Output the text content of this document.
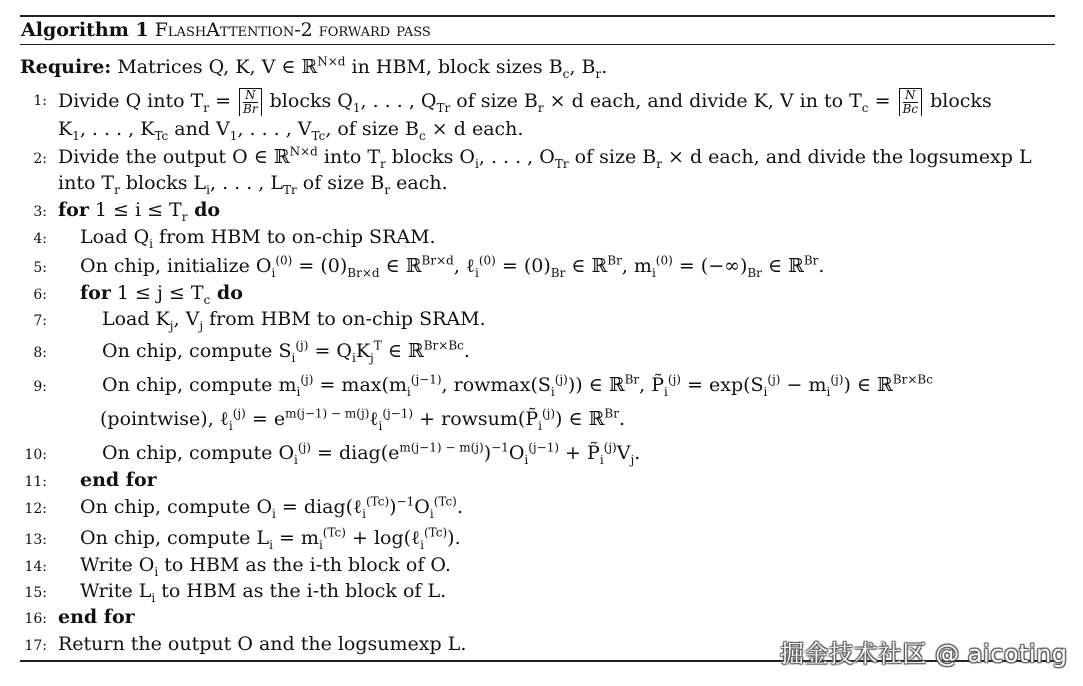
Algorithm 1 FlashAttention-2 forward pass
Require: Matrices Q, K, V ∈ ℝ$^{N\times d}$ in HBM, block sizes $B_c$, $B_r$.
1: Divide Q into $T_r = \frac{N}{Br}$ blocks $Q_1$, . . . , $Q_{Tr}$ of size $B_r \times d$ each, and divide K, V in to $T_c = \frac{N}{Bc}$ blocks
$K_1$, . . . , $K_{Tc}$ and $V_1$, . . . , $V_{Tc}$, of size $B_c \times d$ each.
2: Divide the output O ∈ ℝ$^{N\times d}$ into $T_r$ blocks $O_i$, . . . , $O_{Tr}$ of size $B_r \times d$ each, and divide the logsumexp L
into $T_r$ blocks $L_i$, . . . , $L_{Tr}$ of size $B_r$ each.
3: for $1 \le i \le T_r$ do
4: Load $Q_i$ from HBM to on-chip SRAM.
5: On chip, initialize $O_i^{(0)} = (0)_{Br\times d}$ ∈ ℝ$^{Br\times d}$, ℓ$_i^{(0)}$ = $(0)_{Br}$ ∈ ℝ$^{Br}$, $m_i^{(0)} = (-\infty)_{Br}$ ∈ ℝ$^{Br}$.
6: for $1 \le j \le T_c$ do
7:	Load $K_j$, $V_j$ from HBM to on-chip SRAM.
8:	On chip, compute $S_i^{(j)} = Q_iK_j^T$ ∈ ℝ$^{Br\times Bc}$.
9:	On chip, compute $m_i^{(j)} = \max(m_i^{(j-1)}$, $rowmax(S_i^{(j)})$) ∈ ℝ$^{Br}$, $P̃_i^{(j)} = \exp(S_i^{(j)} - m_i^{(j)})$ ∈ ℝ$^{Br\times Bc}$
(pointwise), ℓ$_i^{(j)}$ = $e^{m(j-1) - m(j)}\ell_i^{(j-1)}$ + $rowsum(P̃_i^{(j)})$ ∈ ℝ$^{Br}$.
10:	On chip, compute $O_i^{(j)}$ = $diag(e^{m(j-1) - m(j)})^{-1}O_i^{(j-1)}$ + $P̃_i^{(j)}V_j$.
11: end for
12: On chip, compute $O_i$ = $diag(\ell_i^{(Tc)})^{-1}O_i^{(Tc)}$.
13: On chip, compute $L_i = m_i^{(Tc)}$ + log(ℓ$_i^{(Tc)}$).
14: Write $O_i$ to HBM as the i-th block of O.
15: Write $L_i$ to HBM as the i-th block of L.
16: end for
17: Return the output O and the logsumexp L.	掘金技术社区 @ aicoting
